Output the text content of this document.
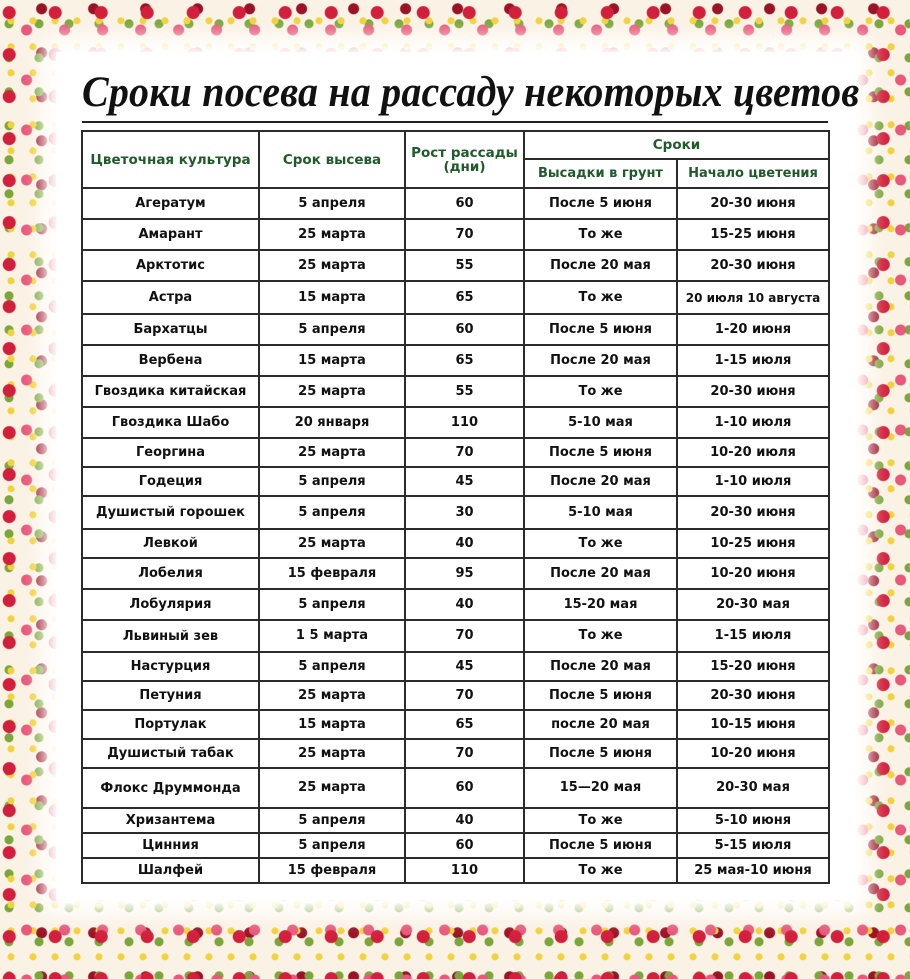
Сроки посева на рассаду некоторых цветов
Цветочная культура	Срок высева	Рост рассады (дни)	Сроки	
			Высадки в грунт	Начало цветения
Агератум	5 апреля	60	После 5 июня	20-30 июня
Амарант	25 марта	70	То же	15-25 июня
Арктотис	25 марта	55	После 20 мая	20-30 июня
Астра	15 марта	65	То же	20 июля 10 августа
Бархатцы	5 апреля	60	После 5 июня	1-20 июня
Вербена	15 марта	65	После 20 мая	1-15 июля
Гвоздика китайская	25 марта	55	То же	20-30 июня
Гвоздика Шабо	20 января	110	5-10 мая	1-10 июля
Георгина	25 марта	70	После 5 июня	10-20 июля
Годеция	5 апреля	45	После 20 мая	1-10 июля
Душистый горошек	5 апреля	30	5-10 мая	20-30 июня
Левкой	25 марта	40	То же	10-25 июня
Лобелия	15 февраля	95	После 20 мая	10-20 июня
Лобулярия	5 апреля	40	15-20 мая	20-30 мая
Львиный зев	1 5 марта	70	То же	1-15 июля
Настурция	5 апреля	45	После 20 мая	15-20 июня
Петуния	25 марта	70	После 5 июня	20-30 июня
Портулак	15 марта	65	после 20 мая	10-15 июня
Душистый табак	25 марта	70	После 5 июня	10-20 июня
Флокс Друммонда	25 марта	60	15—20 мая	20-30 мая
Хризантема	5 апреля	40	То же	5-10 июня
Цинния	5 апреля	60	После 5 июня	5-15 июля
Шалфей	15 февраля	110	То же	25 мая-10 июня
